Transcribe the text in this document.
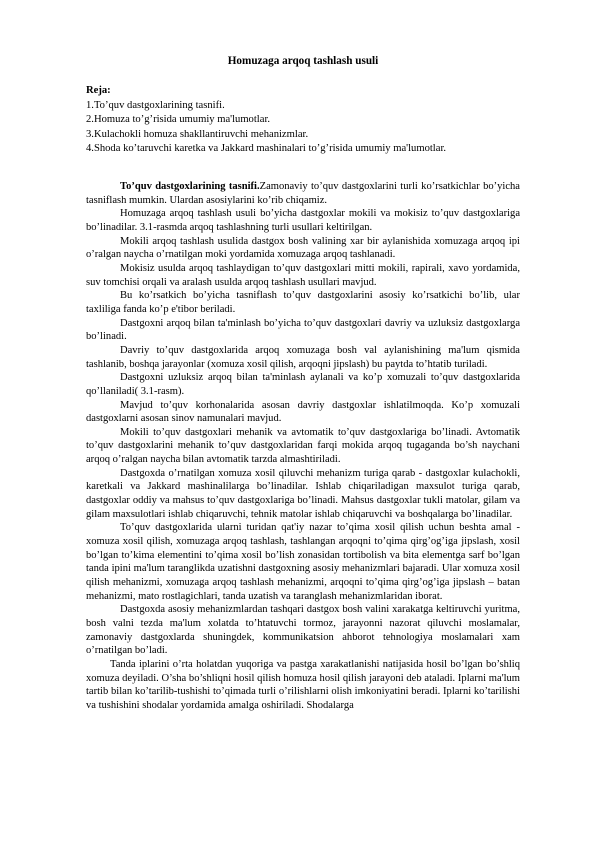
Homuzaga arqoq tashlash usuli
Reja:
1.To’quv dastgoxlarining tasnifi.
2.Homuza to’g’risida umumiy ma'lumotlar.
3.Kulachokli homuza shakllantiruvchi mehanizmlar.
4.Shoda ko’taruvchi karetka va Jakkard mashinalari to’g’risida umumiy ma'lumotlar.

To’quv dastgoxlarining tasnifi.Zamonaviy to’quv dastgoxlarini turli ko’rsatkichlar bo’yicha tasniflash mumkin. Ulardan asosiylarini ko’rib chiqamiz.

Homuzaga arqoq tashlash usuli bo’yicha dastgoxlar mokili va mokisiz to’quv dastgoxlariga bo’linadilar. 3.1-rasmda arqoq tashlashning turli usullari keltirilgan.

Mokili arqoq tashlash usulida dastgox bosh valining xar bir aylanishida xomuzaga arqoq ipi o’ralgan naycha o’rnatilgan moki yordamida xomuzaga arqoq tashlanadi.

Mokisiz usulda arqoq tashlaydigan to’quv dastgoxlari mitti mokili, rapirali, xavo yordamida, suv tomchisi orqali va aralash usulda arqoq tashlash usullari mavjud.

Bu ko’rsatkich bo’yicha tasniflash to’quv dastgoxlarini asosiy ko’rsatkichi bo’lib, ular taxliliga fanda ko’p e'tibor beriladi.

Dastgoxni arqoq bilan ta'minlash bo’yicha to’quv dastgoxlari davriy va uzluksiz dastgoxlarga bo’linadi.

Davriy to’quv dastgoxlarida arqoq xomuzaga bosh val aylanishining ma'lum qismida tashlanib, boshqa jarayonlar (xomuza xosil qilish, arqoqni jipslash) bu paytda to’htatib turiladi.

Dastgoxni uzluksiz arqoq bilan ta'minlash aylanali va ko’p xomuzali to’quv dastgoxlarida qo’llaniladi( 3.1-rasm).

Mavjud to’quv korhonalarida asosan davriy dastgoxlar ishlatilmoqda. Ko’p xomuzali dastgoxlarni asosan sinov namunalari mavjud.

Mokili to’quv dastgoxlari mehanik va avtomatik to’quv dastgoxlariga bo’linadi. Avtomatik to’quv dastgoxlarini mehanik to’quv dastgoxlaridan farqi mokida arqoq tugaganda bo’sh naychani arqoq o’ralgan naycha bilan avtomatik tarzda almashtiriladi.

Dastgoxda o’rnatilgan xomuza xosil qiluvchi mehanizm turiga qarab - dastgoxlar kulachokli, karetkali va Jakkard mashinalilarga bo’linadilar. Ishlab chiqariladigan maxsulot turiga qarab, dastgoxlar oddiy va mahsus to’quv dastgoxlariga bo’linadi. Mahsus dastgoxlar tukli matolar, gilam va gilam maxsulotlari ishlab chiqaruvchi, tehnik matolar ishlab chiqaruvchi va boshqalarga bo’linadilar.

To’quv dastgoxlarida ularni turidan qat'iy nazar to’qima xosil qilish uchun beshta amal - xomuza xosil qilish, xomuzaga arqoq tashlash, tashlangan arqoqni to’qima qirg’og’iga jipslash, xosil bo’lgan to’kima elementini to’qima xosil bo’lish zonasidan tortibolish va bita elementga sarf bo’lgan tanda ipini ma'lum taranglikda uzatishni dastgoxning asosiy mehanizmlari bajaradi. Ular xomuza xosil qilish mehanizmi, xomuzaga arqoq tashlash mehanizmi, arqoqni to’qima qirg’og’iga jipslash – batan mehanizmi, mato rostlagichlari, tanda uzatish va taranglash mehanizmlaridan iborat.

Dastgoxda asosiy mehanizmlardan tashqari dastgox bosh valini xarakatga keltiruvchi yuritma, bosh valni tezda ma'lum xolatda to’htatuvchi tormoz, jarayonni nazorat qiluvchi moslamalar, zamonaviy dastgoxlarda shuningdek, kommunikatsion ahborot tehnologiya moslamalari xam o’rnatilgan bo’ladi.

Tanda iplarini o’rta holatdan yuqoriga va pastga xarakatlanishi natijasida hosil bo’lgan bo’shliq xomuza deyiladi. O’sha bo’shliqni hosil qilish homuza hosil qilish jarayoni deb ataladi. Iplarni ma'lum tartib bilan ko’tarilib-tushishi to’qimada turli o’rilishlarni olish imkoniyatini beradi. Iplarni ko’tarilishi va tushishini shodalar yordamida amalga oshiriladi. Shodalarga
